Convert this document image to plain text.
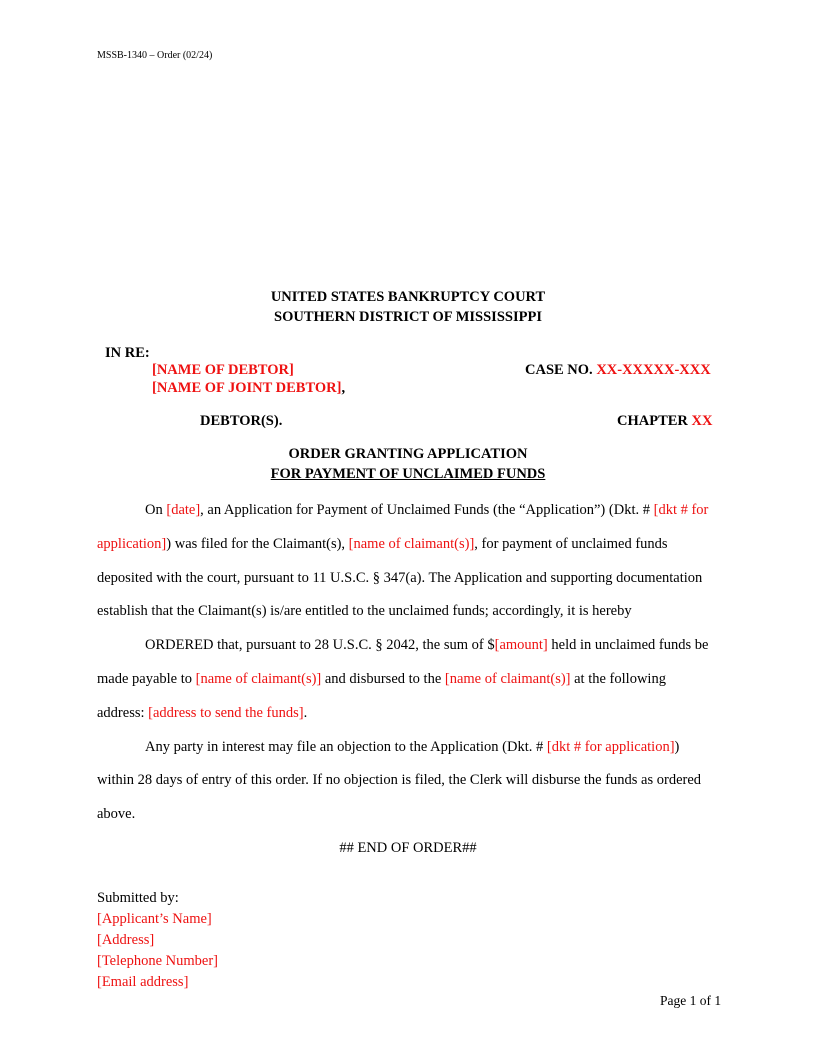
MSSB-1340 – Order (02/24)
UNITED STATES BANKRUPTCY COURT
SOUTHERN DISTRICT OF MISSISSIPPI
IN RE:
[NAME OF DEBTOR]
[NAME OF JOINT DEBTOR],
CASE NO. XX-XXXXX-XXX
DEBTOR(S).	CHAPTER XX
ORDER GRANTING APPLICATION
FOR PAYMENT OF UNCLAIMED FUNDS
On [date], an Application for Payment of Unclaimed Funds (the “Application”) (Dkt. # [dkt # for
application]) was filed for the Claimant(s), [name of claimant(s)], for payment of unclaimed funds
deposited with the court, pursuant to 11 U.S.C. § 347(a). The Application and supporting documentation
establish that the Claimant(s) is/are entitled to the unclaimed funds; accordingly, it is hereby
ORDERED that, pursuant to 28 U.S.C. § 2042, the sum of $[amount] held in unclaimed funds be
made payable to [name of claimant(s)] and disbursed to the [name of claimant(s)] at the following
address: [address to send the funds].
Any party in interest may file an objection to the Application (Dkt. # [dkt # for application])
within 28 days of entry of this order. If no objection is filed, the Clerk will disburse the funds as ordered
above.
## END OF ORDER##
Submitted by:
[Applicant’s Name]
[Address]
[Telephone Number]
[Email address]
Page 1 of 1
